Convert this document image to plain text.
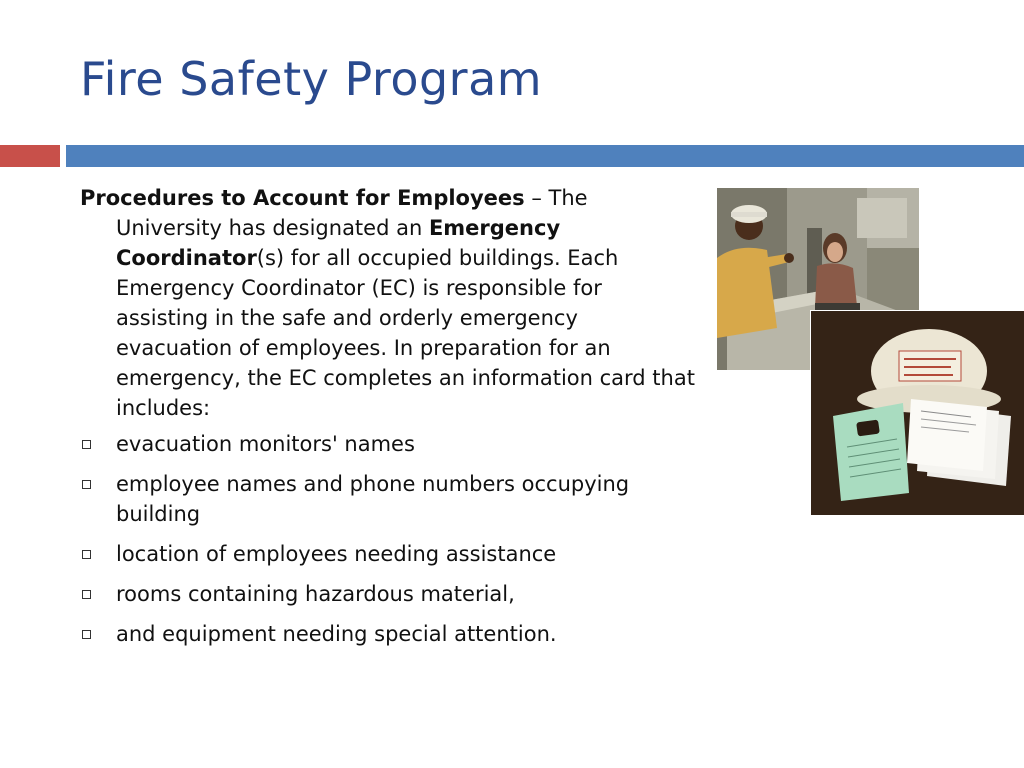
Fire Safety Program

Procedures to Account for Employees – The University has designated an Emergency Coordinator(s) for all occupied buildings. Each Emergency Coordinator (EC) is responsible for assisting in the safe and orderly emergency evacuation of employees. In preparation for an emergency, the EC completes an information card that includes:

evacuation monitors' names
employee names and phone numbers occupying building
location of employees needing assistance
rooms containing hazardous material,
and equipment needing special attention.
